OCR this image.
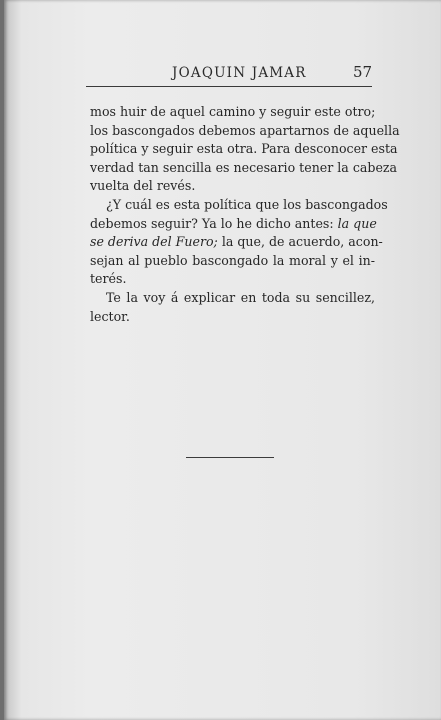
JOAQUIN JAMAR	57
mos huir de aquel camino y seguir este otro;
los bascongados debemos apartarnos de aquella
política y seguir esta otra. Para desconocer esta
verdad tan sencilla es necesario tener la cabeza
vuelta del revés.
¿Y cuál es esta política que los bascongados
debemos seguir? Ya lo he dicho antes: la que
se deriva del Fuero; la que, de acuerdo, acon-
sejan al pueblo bascongado la moral y el in-
terés.
Te la voy á explicar en toda su sencillez,
lector.
